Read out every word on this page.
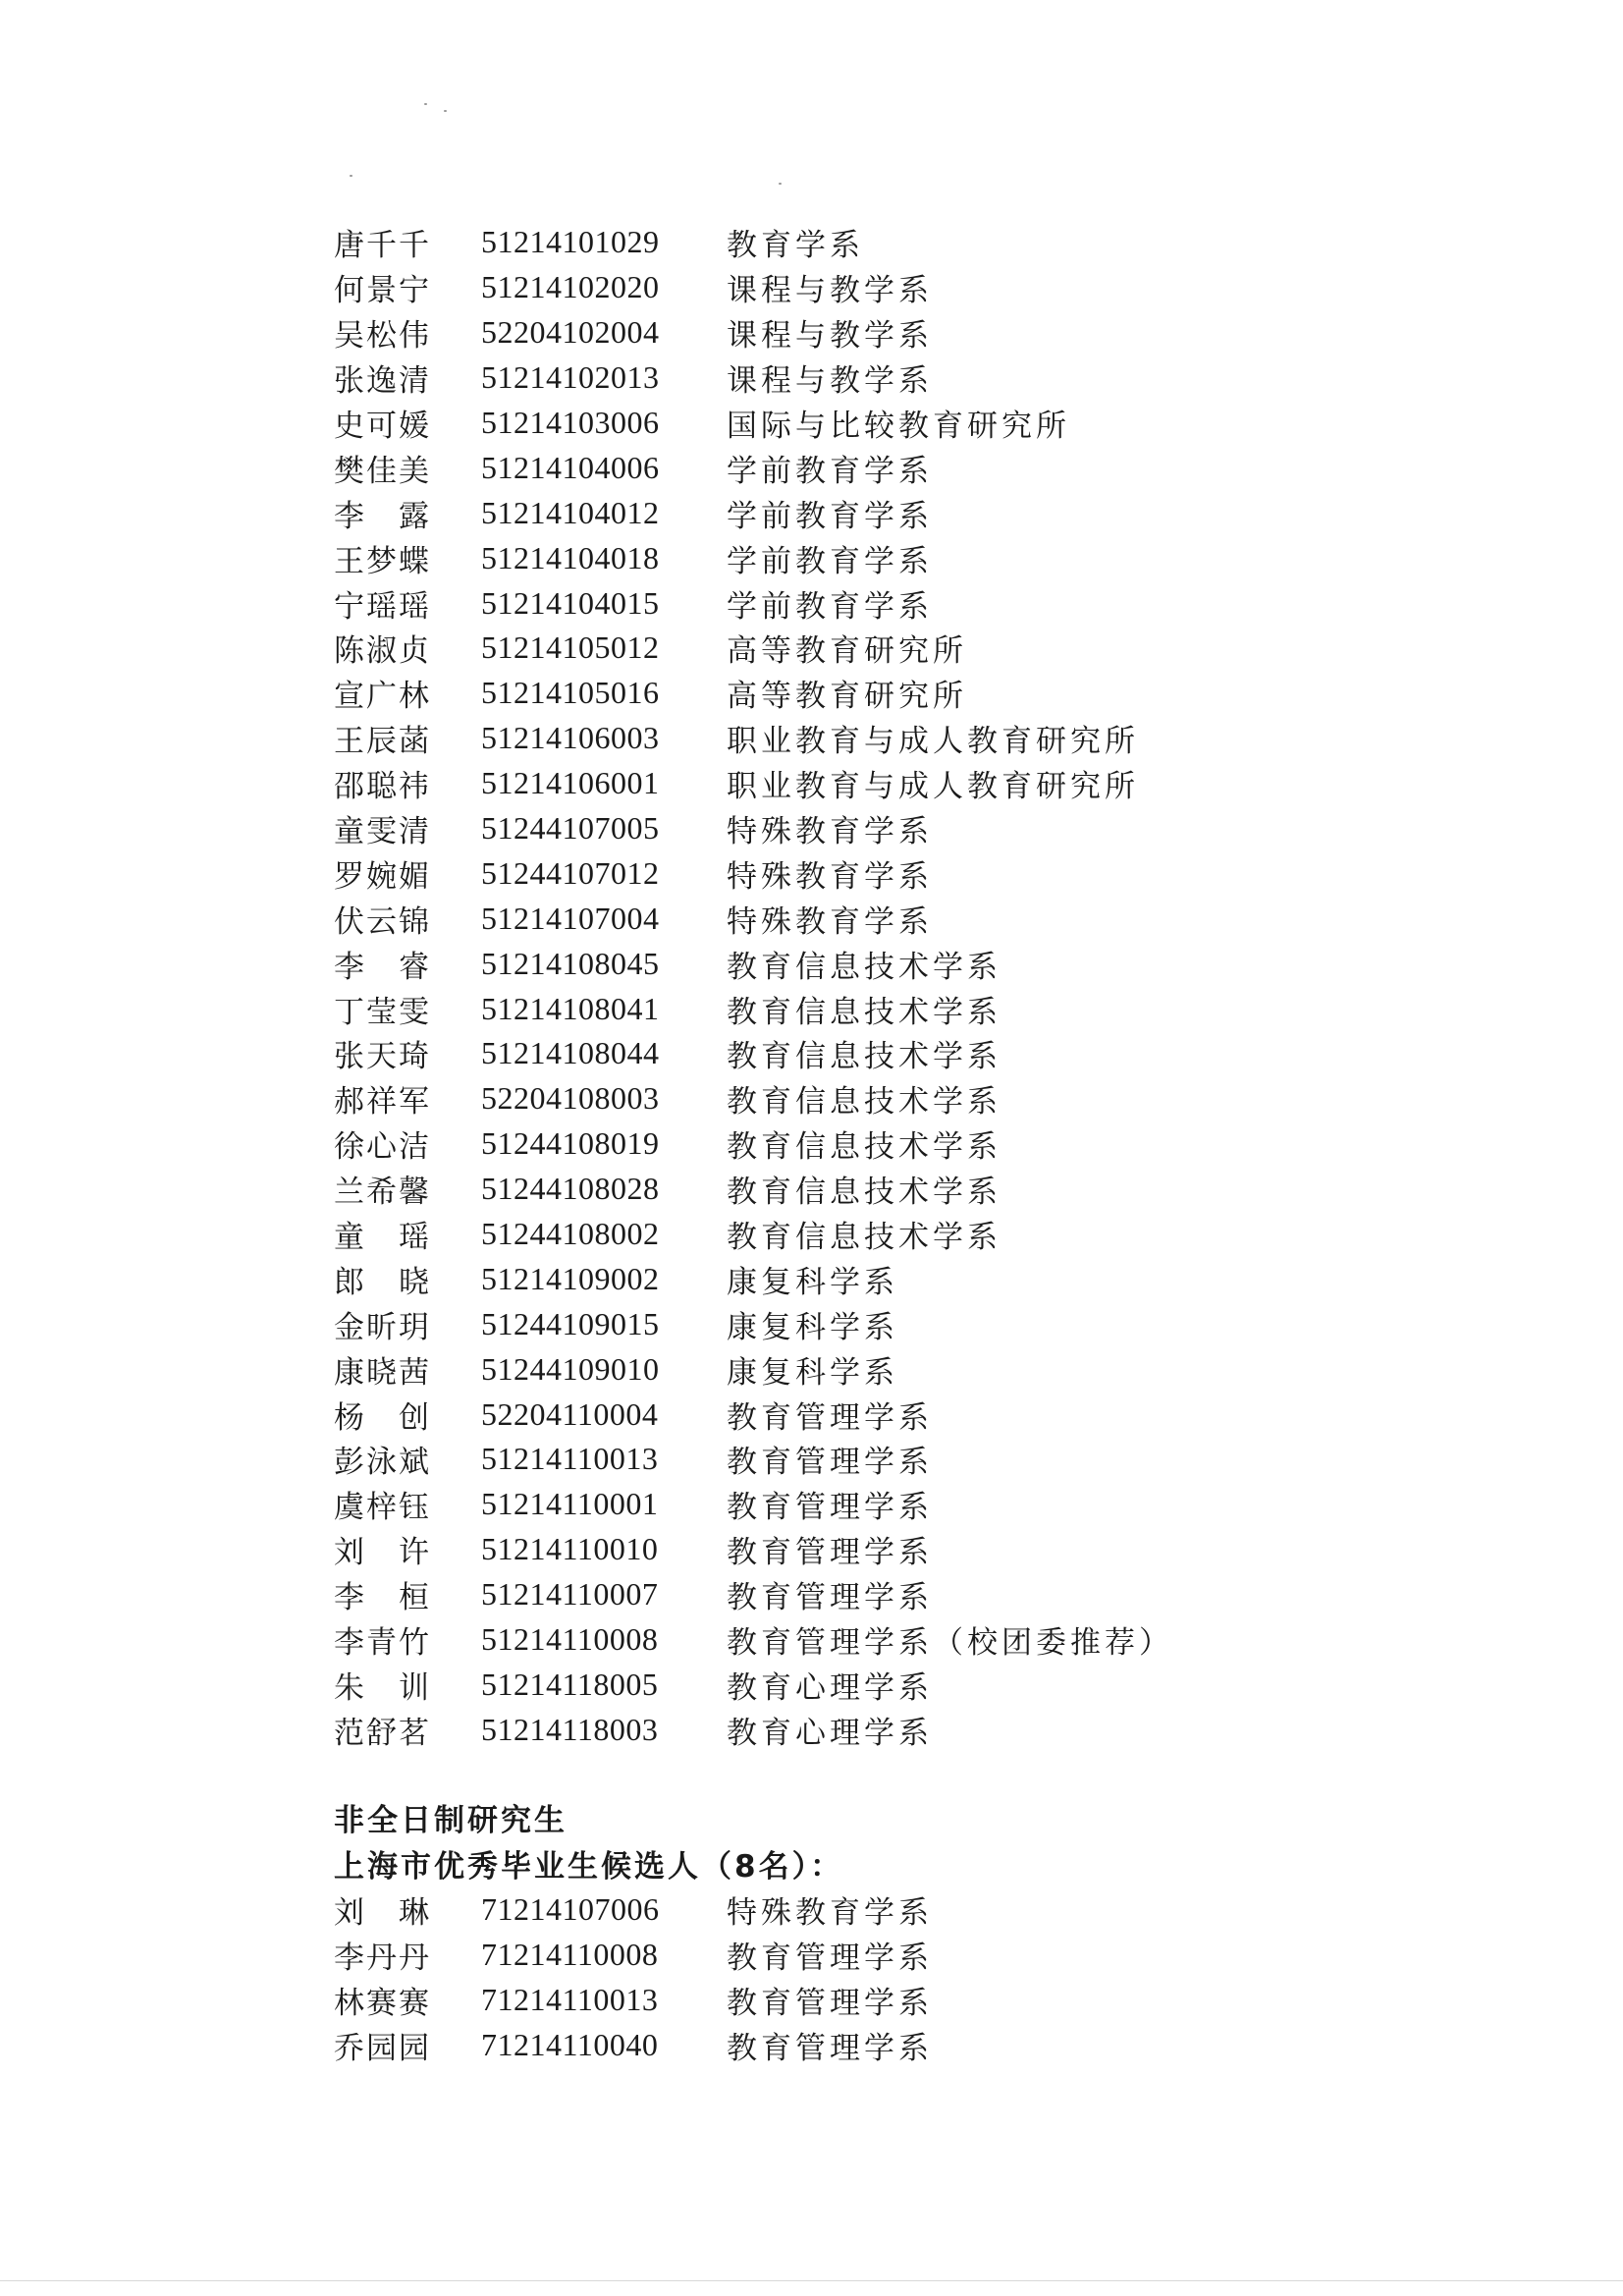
唐千千	51214101029	教育学系
何景宁	51214102020	课程与教学系
吴松伟	52204102004	课程与教学系
张逸清	51214102013	课程与教学系
史可媛	51214103006	国际与比较教育研究所
樊佳美	51214104006	学前教育学系
李　露	51214104012	学前教育学系
王梦蝶	51214104018	学前教育学系
宁瑶瑶	51214104015	学前教育学系
陈淑贞	51214105012	高等教育研究所
宣广林	51214105016	高等教育研究所
王辰菡	51214106003	职业教育与成人教育研究所
邵聪祎	51214106001	职业教育与成人教育研究所
童雯清	51244107005	特殊教育学系
罗婉媚	51244107012	特殊教育学系
伏云锦	51214107004	特殊教育学系
李　睿	51214108045	教育信息技术学系
丁莹雯	51214108041	教育信息技术学系
张天琦	51214108044	教育信息技术学系
郝祥军	52204108003	教育信息技术学系
徐心洁	51244108019	教育信息技术学系
兰希馨	51244108028	教育信息技术学系
童　瑶	51244108002	教育信息技术学系
郎　晓	51214109002	康复科学系
金昕玥	51244109015	康复科学系
康晓茜	51244109010	康复科学系
杨　创	52204110004	教育管理学系
彭泳斌	51214110013	教育管理学系
虞梓钰	51214110001	教育管理学系
刘　许	51214110010	教育管理学系
李　桓	51214110007	教育管理学系
李青竹	51214110008	教育管理学系（校团委推荐）
朱　训	51214118005	教育心理学系
范舒茗	51214118003	教育心理学系
非全日制研究生
上海市优秀毕业生候选人（8名）：
刘　琳	71214107006	特殊教育学系
李丹丹	71214110008	教育管理学系
林赛赛	71214110013	教育管理学系
乔园园	71214110040	教育管理学系
